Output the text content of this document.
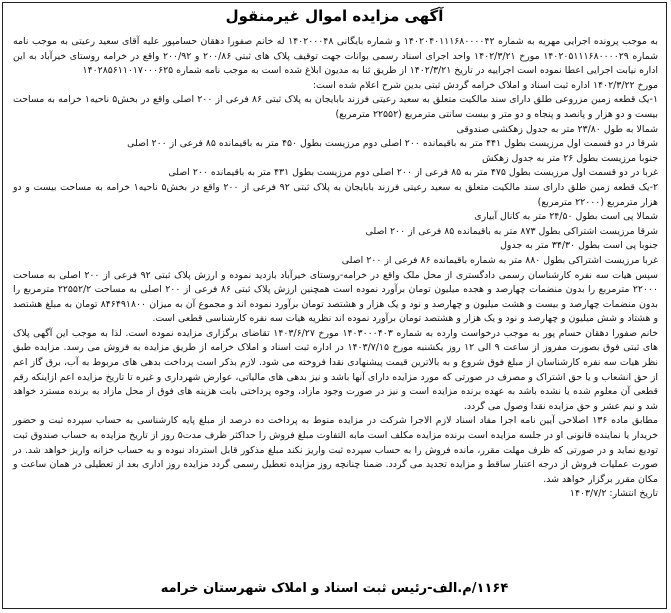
آگهی مزایده اموال غیرمنقول

به موجب پرونده اجرایی مهریه به شماره ۱۴۰۲۰۴۰۱۱۱۶۸۰۰۰۰۴۲ و شماره بایگانی ۱۴۰۲۰۰۰۴۸ له خانم صفورا دهقان حسامپور علیه آقای سعید رعیتی به موجب نامه شماره ۱۴۰۲۰۵۱۱۱۶۸۰۰۰۰۲۹ مورخ ۱۴۰۲/۳/۲۱ واحد اجرای اسناد رسمی بوانات جهت توقیف پلاک های ثبتی ۲۰۰/۸۶ و ۲۰۰/۹۲ واقع در خرامه روستای خیرآباد به این اداره نیابت اجرایی اعطا نموده است اجراییه در تاریخ ۱۴۰۲/۳/۲۱ از طریق ثنا به مدیون ابلاغ شده است به موجب نامه شماره ۱۴۰۲۸۵۶۱۱۰۱۷۰۰۰۶۲۵

مورخ ۱۴۰۲/۳/۲۲ اداره ثبت اسناد و املاک خرامه گردش ثبتی بدین شرح اعلام شده است:

۱-یک قطعه زمین مزروعی طلق دارای سند مالکیت متعلق به سعید رعیتی فرزند بابایجان به پلاک ثبتی ۸۶ فرعی از ۲۰۰ اصلی واقع در بخش۵ ناحیه۱ خرامه به مساحت بیست و دو هزار و پانصد و پنجاه و دو متر و بیست سانتی مترمربع (۲۲۵۵۲ مترمربع)

شمالا به طول ۲۳/۸۰ متر به جدول زهکشی صندوقی

شرقا در دو قسمت اول مرزیست بطول ۴۴۱ متر به باقیمانده ۲۰۰ اصلی دوم مرزیست بطول ۴۵۰ متر به باقیمانده ۸۵ فرعی از ۲۰۰ اصلی

جنوبا مرزیست بطول ۲۶ متر به جدول زهکش

غربا در دو قسمت اول مرزیست بطول ۴۷۵ متر به ۸۵ فرعی از ۲۰۰ اصلی دوم مرزیست بطول ۴۳۱ متر به باقیمانده ۲۰۰ اصلی

۲-یک قطعه زمین طلق دارای سند مالکیت متعلق به سعید رعیتی فرزند بابایجان به پلاک ثبتی ۹۲ فرعی از ۲۰۰ واقع در بخش۵ ناحیه۱ خرامه به مساحت بیست و دو هزار مترمربع (۲۲۰۰۰ مترمربع)

شمالا پی است بطول ۲۴/۵۰ متر به کانال آبیاری

شرقا مرزیست اشتراکی بطول ۸۷۳ متر به باقیمانده ۸۵ فرعی از ۲۰۰ اصلی

جنوبا پی است بطول ۳۴/۳۰ متر به جدول

غربا مرزیست اشتراکی بطول ۸۸۰ متر به شماره باقیمانده ۸۶ فرعی از ۲۰۰ اصلی

سپس هیات سه نفره کارشناسان رسمی دادگستری از محل ملک واقع در خرامه-روستای خیرآباد بازدید نموده و ارزش پلاک ثبتی ۹۲ فرعی از ۲۰۰ اصلی به مساحت ۲۲۰۰۰ مترمربع را بدون منضمات چهارصد و هجده میلیون تومان برآورد نموده است همچنین ارزش پلاک ثبتی ۸۶ فرعی از ۲۰۰ اصلی به مساحت ۲۲۵۵۲/۲ مترمربع را بدون منضمات چهارصد و بیست و هشت میلیون و چهارصد و نود و یک هزار و هشتصد تومان برآورد نموده اند و مجموع آن به میزان ۸۴۶۴۹۱۸۰۰ تومان به مبلغ هشتصد و هشتاد و شش میلیون و چهارصد و نود و یک هزار و هشتصد تومان برآورد نموده اند نظریه هیات سه نفره کارشناسی قطعی است.

خانم صفورا دهقان حسام پور به موجب درخواست وارده به شماره ۱۴۰۳۰۰۰۴۰۳ مورخ ۱۴۰۳/۶/۲۷ تقاضای برگزاری مزایده نموده است. لذا به موجب این آگهی پلاک های ثبتی فوق بصورت مفروز از ساعت ۹ الی ۱۲ روز یکشنبه مورخ ۱۴۰۳/۷/۱۵ در اداره ثبت اسناد و املاک خرامه از طریق مزایده به فروش می رسد. مزایده طبق نظر هیات سه نفره کارشناسان از مبلغ فوق شروع و به بالاترین قیمت پیشنهادی نقدا فروخته می شود. لازم بذکر است پرداخت بدهی های مربوط به آب، برق گاز اعم از حق انشعاب و یا حق اشتراک و مصرف در صورتی که مورد مزایده دارای آنها باشد و نیز بدهی های مالیاتی، عوارض شهرداری و غیره تا تاریخ مزایده اعم ازاینکه رقم قطعی آن معلوم شده یا نشده باشد به عهده برنده مزایده است و نیز در صورت وجود مازاد، وجوه پرداختی بابت هزینه های فوق از محل مازاد به برنده مسترد خواهد شد و نیم عشر و حق مزایده نقدا وصول می گردد.

مطابق ماده ۱۳۶ اصلاحی آیین نامه اجرا مفاد اسناد لازم الاجرا شرکت در مزایده منوط به پرداخت ده درصد از مبلغ پایه کارشناسی به حساب سپرده ثبت و حضور خریدار یا نماینده قانونی او در جلسه مزایده است برنده مزایده مکلف است مابه التفاوت مبلغ فروش را حداکثر ظرف مدت۵ روز از تاریخ مزایده به حساب صندوق ثبت تودیع نماید و در صورتی که ظرف مهلت مقرر، مانده فروش را به حساب سپرده ثبت واریز نکند مبلغ مذکور قابل استرداد نبوده و به حساب خزانه واریز خواهد شد. در صورت عملیات فروش از درجه اعتبار ساقط و مزایده تجدید می گردد. ضمنا چنانچه روز مزایده تعطیل رسمی گردد مزایده روز اداری بعد از تعطیلی در همان ساعت و مکان مقرر برگزار خواهد شد.

تاریخ انتشار: ۱۴۰۳/۷/۲

۱۱۶۴/م.الف-رئیس ثبت اسناد و املاک شهرستان خرامه
